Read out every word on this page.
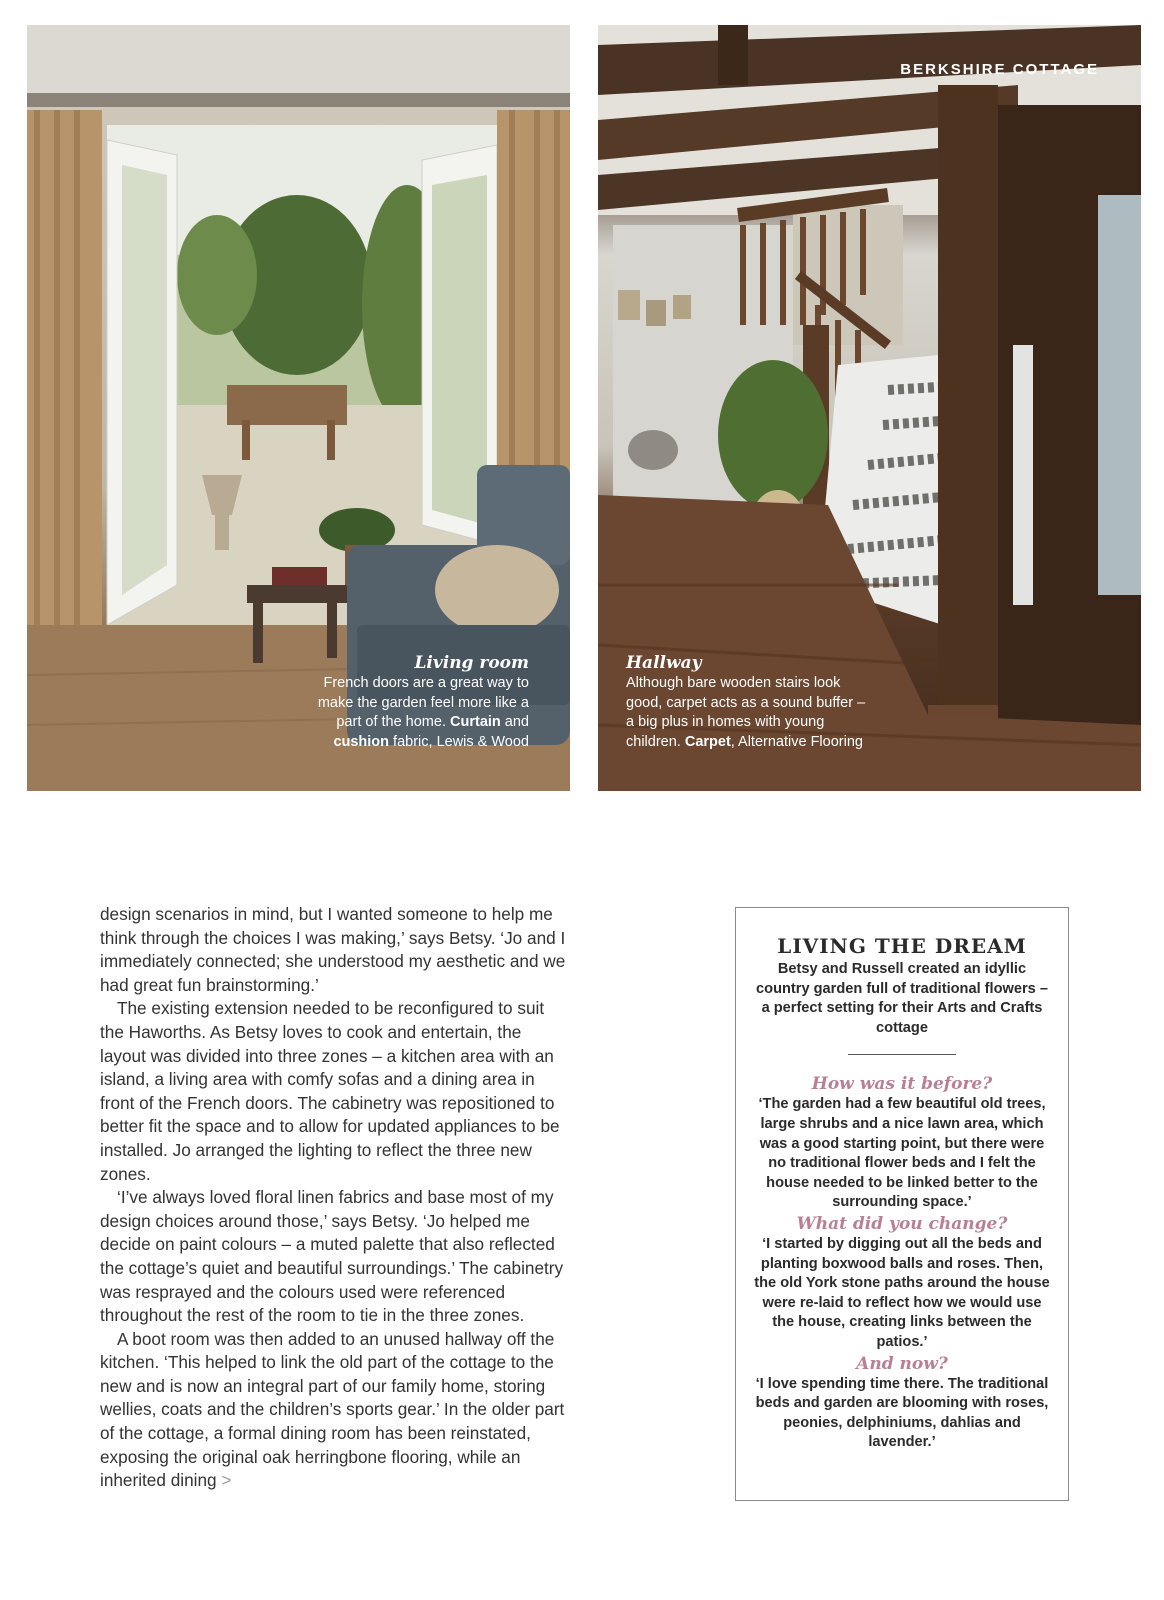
Living room
French doors are a great way to make the garden feel more like a part of the home. Curtain and cushion fabric, Lewis & Wood
BERKSHIRE COTTAGE
Hallway
Although bare wooden stairs look good, carpet acts as a sound buffer – a big plus in homes with young children. Carpet, Alternative Flooring

design scenarios in mind, but I wanted someone to help me think through the choices I was making,’ says Betsy. ‘Jo and I immediately connected; she understood my aesthetic and we had great fun brainstorming.’

The existing extension needed to be reconfigured to suit the Haworths. As Betsy loves to cook and entertain, the layout was divided into three zones – a kitchen area with an island, a living area with comfy sofas and a dining area in front of the French doors. The cabinetry was repositioned to better fit the space and to allow for updated appliances to be installed. Jo arranged the lighting to reflect the three new zones.

‘I’ve always loved floral linen fabrics and base most of my design choices around those,’ says Betsy. ‘Jo helped me decide on paint colours – a muted palette that also reflected the cottage’s quiet and beautiful surroundings.’ The cabinetry was resprayed and the colours used were referenced throughout the rest of the room to tie in the three zones.

A boot room was then added to an unused hallway off the kitchen. ‘This helped to link the old part of the cottage to the new and is now an integral part of our family home, storing wellies, coats and the children’s sports gear.’ In the older part of the cottage, a formal dining room has been reinstated, exposing the original oak herringbone flooring, while an inherited dining >

LIVING THE DREAM
Betsy and Russell created an idyllic country garden full of traditional flowers – a perfect setting for their Arts and Crafts cottage
How was it before?
‘The garden had a few beautiful old trees, large shrubs and a nice lawn area, which was a good starting point, but there were no traditional flower beds and I felt the house needed to be linked better to the surrounding space.’
What did you change?
‘I started by digging out all the beds and planting boxwood balls and roses. Then, the old York stone paths around the house were re-laid to reflect how we would use the house, creating links between the patios.’
And now?
‘I love spending time there. The traditional beds and garden are blooming with roses, peonies, delphiniums, dahlias and lavender.’
